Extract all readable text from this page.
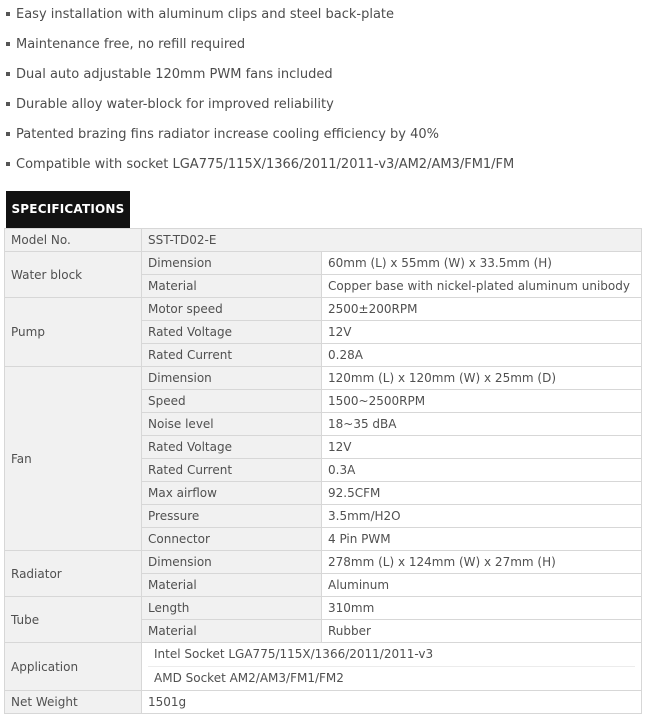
Easy installation with aluminum clips and steel back-plate
Maintenance free, no refill required
Dual auto adjustable 120mm PWM fans included
Durable alloy water-block for improved reliability
Patented brazing fins radiator increase cooling efficiency by 40%
Compatible with socket LGA775/115X/1366/2011/2011-v3/AM2/AM3/FM1/FM
SPECIFICATIONS
Model No.	SST-TD02-E	
Water block	Dimension	60mm (L) x 55mm (W) x 33.5mm (H)
	Material	Copper base with nickel-plated aluminum unibody
Pump	Motor speed	2500±200RPM
	Rated Voltage	12V
	Rated Current	0.28A
Fan	Dimension	120mm (L) x 120mm (W) x 25mm (D)
	Speed	1500~2500RPM
	Noise level	18~35 dBA
	Rated Voltage	12V
	Rated Current	0.3A
	Max airflow	92.5CFM
	Pressure	3.5mm/H2O
	Connector	4 Pin PWM
Radiator	Dimension	278mm (L) x 124mm (W) x 27mm (H)
	Material	Aluminum
Tube	Length	310mm
	Material	Rubber
Application	Intel Socket LGA775/115X/1366/2011/2011-v3
AMD Socket AM2/AM3/FM1/FM2	

Net Weight	1501g	
